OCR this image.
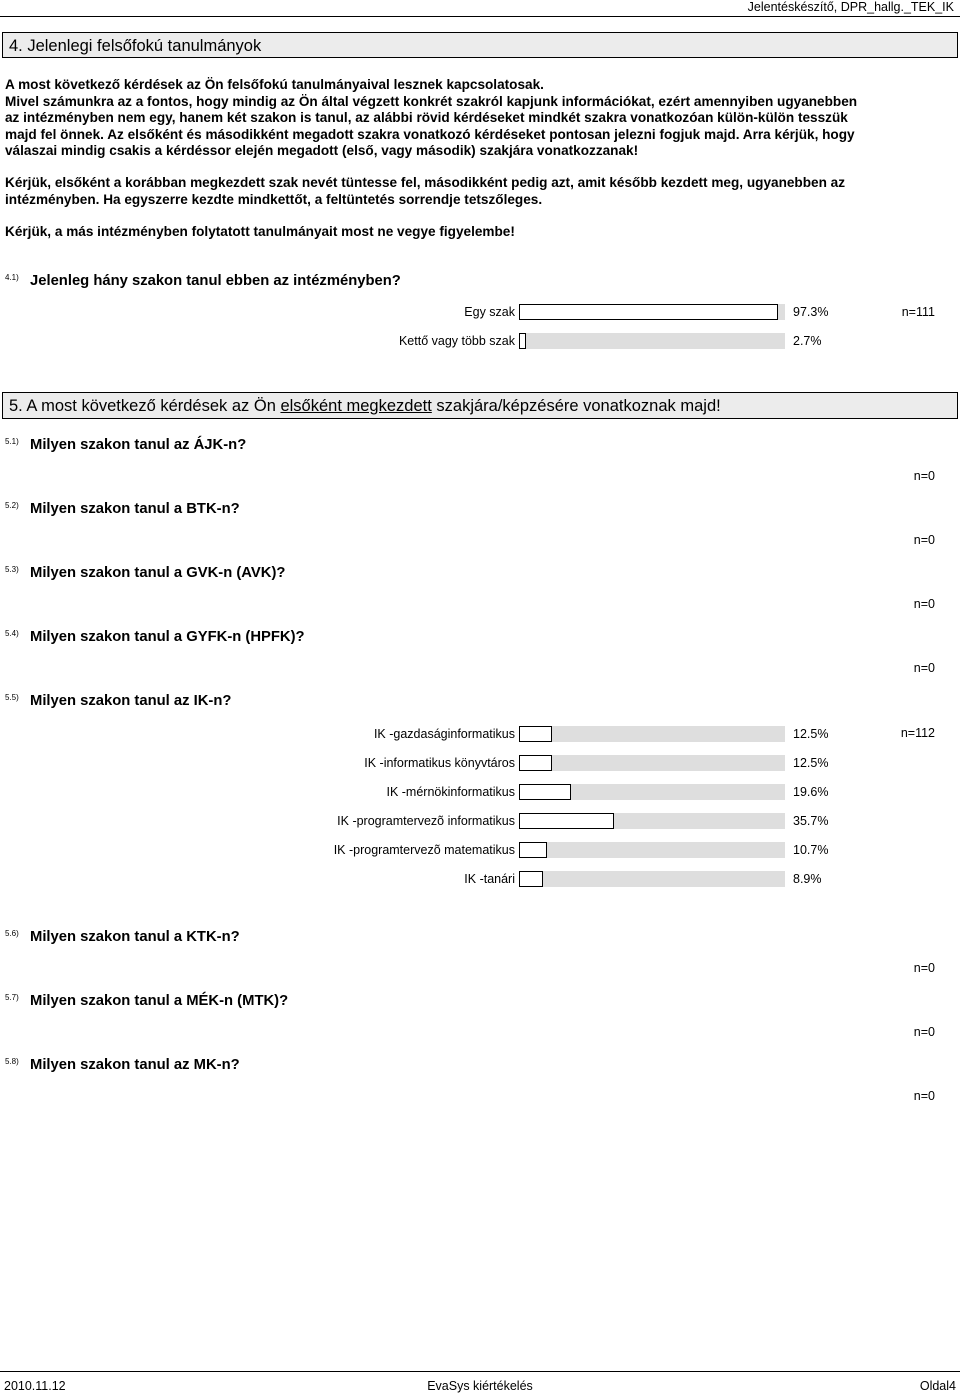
Jelentéskészítő, DPR_hallg._TEK_IK
4. Jelenlegi felsőfokú tanulmányok
A most következő kérdések az Ön felsőfokú tanulmányaival lesznek kapcsolatosak.
Mivel számunkra az a fontos, hogy mindig az Ön által végzett konkrét szakról kapjunk információkat, ezért amennyiben ugyanebben
az intézményben nem egy, hanem két szakon is tanul, az alábbi rövid kérdéseket mindkét szakra vonatkozóan külön-külön tesszük
majd fel önnek. Az elsőként és másodikként megadott szakra vonatkozó kérdéseket pontosan jelezni fogjuk majd. Arra kérjük, hogy
válaszai mindig csakis a kérdéssor elején megadott (első, vagy második) szakjára vonatkozzanak!
Kérjük, elsőként a korábban megkezdett szak nevét tüntesse fel, másodikként pedig azt, amit később kezdett meg, ugyanebben az
intézményben. Ha egyszerre kezdte mindkettőt, a feltüntetés sorrendje tetszőleges.
Kérjük, a más intézményben folytatott tanulmányait most ne vegye figyelembe!
4.1) Jelenleg hány szakon tanul ebben az intézményben?
Egy szak	97.3%
Kettő vagy több szak	2.7%
n=111
5. A most következő kérdések az Ön elsőként megkezdett szakjára/képzésére vonatkoznak majd!
5.1) Milyen szakon tanul az ÁJK-n?
n=0
5.2) Milyen szakon tanul a BTK-n?
n=0
5.3) Milyen szakon tanul a GVK-n (AVK)?
n=0
5.4) Milyen szakon tanul a GYFK-n (HPFK)?
n=0
5.5) Milyen szakon tanul az IK-n?
IK -gazdaságinformatikus	12.5%
IK -informatikus könyvtáros	12.5%
IK -mérnökinformatikus	19.6%
IK -programtervezõ informatikus	35.7%
IK -programtervezõ matematikus	10.7%
IK -tanári	8.9%
n=112
5.6) Milyen szakon tanul a KTK-n?
n=0
5.7) Milyen szakon tanul a MÉK-n (MTK)?
n=0
5.8) Milyen szakon tanul az MK-n?
n=0
2010.11.12	EvaSys kiértékelés	Oldal4
